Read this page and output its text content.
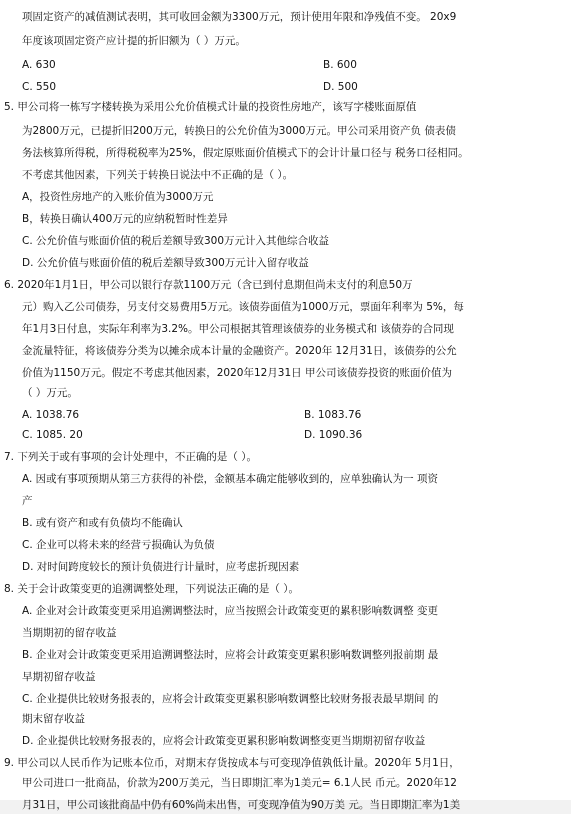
项固定资产的减值测试表明，其可收回金额为3300万元，预计使用年限和净残值不变。 20x9
年度该项固定资产应计提的折旧额为（ ）万元。
A. 630	B. 600
C. 550	D. 500
5. 甲公司将一栋写字楼转换为采用公允价值模式计量的投资性房地产，该写字楼账面原值
为2800万元，已提折旧200万元，转换日的公允价值为3000万元。甲公司采用资产负 债表债
务法核算所得税，所得税税率为25%，假定原账面价值模式下的会计计量口径与 税务口径相同。
不考虑其他因素，下列关于转换日说法中不正确的是（ ）。
A，投资性房地产的入账价值为3000万元
B，转换日确认400万元的应纳税暂时性差异
C. 公允价值与账面价值的税后差额导致300万元计入其他综合收益
D. 公允价值与账面价值的税后差额导致300万元计入留存收益
6. 2020年1月1日，甲公司以银行存款1100万元（含已到付息期但尚未支付的利息50万
元）购入乙公司债券，另支付交易费用5万元。该债券面值为1000万元，票面年利率为 5%，每
年1月3日付息，实际年利率为3.2%。甲公司根据其管理该债券的业务模式和 该债券的合同现
金流量特征，将该债券分类为以摊余成本计量的金融资产。2020年 12月31日，该债券的公允
价值为1150万元。假定不考虑其他因素，2020年12月31日 甲公司该债券投资的账面价值为
（ ）万元。
A. 1038.76	B. 1083.76
C. 1085. 20	D. 1090.36
7. 下列关于或有事项的会计处理中，不正确的是（ ）。
A. 因或有事项预期从第三方获得的补偿，金额基本确定能够收到的，应单独确认为一 项资
产
B. 或有资产和或有负债均不能确认
C. 企业可以将未来的经营亏损确认为负债
D. 对时间跨度较长的预计负债进行计量时，应考虑折现因素
8. 关于会计政策变更的追溯调整处理，下列说法正确的是（ ）。
A. 企业对会计政策变更采用追溯调整法时，应当按照会计政策变更的累积影响数调整 变更
当期期初的留存收益
B. 企业对会计政策变更采用追溯调整法时，应将会计政策变更累积影响数调整列报前期 最
早期初留存收益
C. 企业提供比较财务报表的，应将会计政策变更累积影响数调整比较财务报表最早期间 的
期末留存收益
D. 企业提供比较财务报表的，应将会计政策变更累积影响数调整变更当期期初留存收益
9. 甲公司以人民币作为记账本位币，对期末存货按成本与可变现净值孰低计量。2020年 5月1日，
甲公司进口一批商品，价款为200万美元，当日即期汇率为1美元= 6.1人民 币元。2020年12
月31日，甲公司该批商品中仍有60%尚未出售，可变现净值为90万美 元。当日即期汇率为1美
